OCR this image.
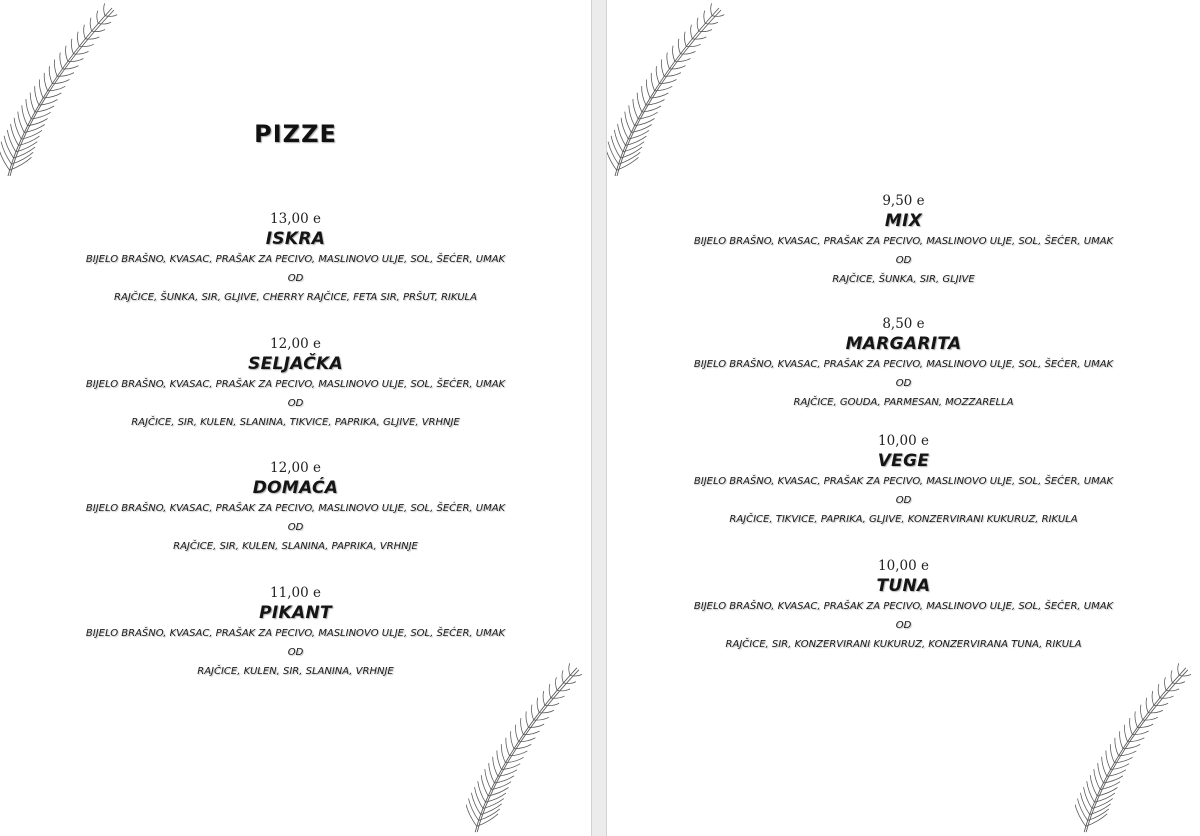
PIZZE
13,00 e
ISKRA
BIJELO BRAŠNO, KVASAC, PRAŠAK ZA PECIVO, MASLINOVO ULJE, SOL, ŠEĆER, UMAK OD
RAJČICE, ŠUNKA, SIR, GLJIVE, CHERRY RAJČICE, FETA SIR, PRŠUT, RIKULA
12,00 e
SELJAČKA
BIJELO BRAŠNO, KVASAC, PRAŠAK ZA PECIVO, MASLINOVO ULJE, SOL, ŠEĆER, UMAK OD
RAJČICE, SIR, KULEN, SLANINA, TIKVICE, PAPRIKA, GLJIVE, VRHNJE
12,00 e
DOMAĆA
BIJELO BRAŠNO, KVASAC, PRAŠAK ZA PECIVO, MASLINOVO ULJE, SOL, ŠEĆER, UMAK OD
RAJČICE, SIR, KULEN, SLANINA, PAPRIKA, VRHNJE
11,00 e
PIKANT
BIJELO BRAŠNO, KVASAC, PRAŠAK ZA PECIVO, MASLINOVO ULJE, SOL, ŠEĆER, UMAK OD
RAJČICE, KULEN, SIR, SLANINA, VRHNJE
9,50 e
MIX
BIJELO BRAŠNO, KVASAC, PRAŠAK ZA PECIVO, MASLINOVO ULJE, SOL, ŠEĆER, UMAK OD
RAJČICE, ŠUNKA, SIR, GLJIVE
8,50 e
MARGARITA
BIJELO BRAŠNO, KVASAC, PRAŠAK ZA PECIVO, MASLINOVO ULJE, SOL, ŠEĆER, UMAK OD
RAJČICE, GOUDA, PARMESAN, MOZZARELLA
10,00 e
VEGE
BIJELO BRAŠNO, KVASAC, PRAŠAK ZA PECIVO, MASLINOVO ULJE, SOL, ŠEĆER, UMAK OD
RAJČICE, TIKVICE, PAPRIKA, GLJIVE, KONZERVIRANI KUKURUZ, RIKULA
10,00 e
TUNA
BIJELO BRAŠNO, KVASAC, PRAŠAK ZA PECIVO, MASLINOVO ULJE, SOL, ŠEĆER, UMAK OD
RAJČICE, SIR, KONZERVIRANI KUKURUZ, KONZERVIRANA TUNA, RIKULA
